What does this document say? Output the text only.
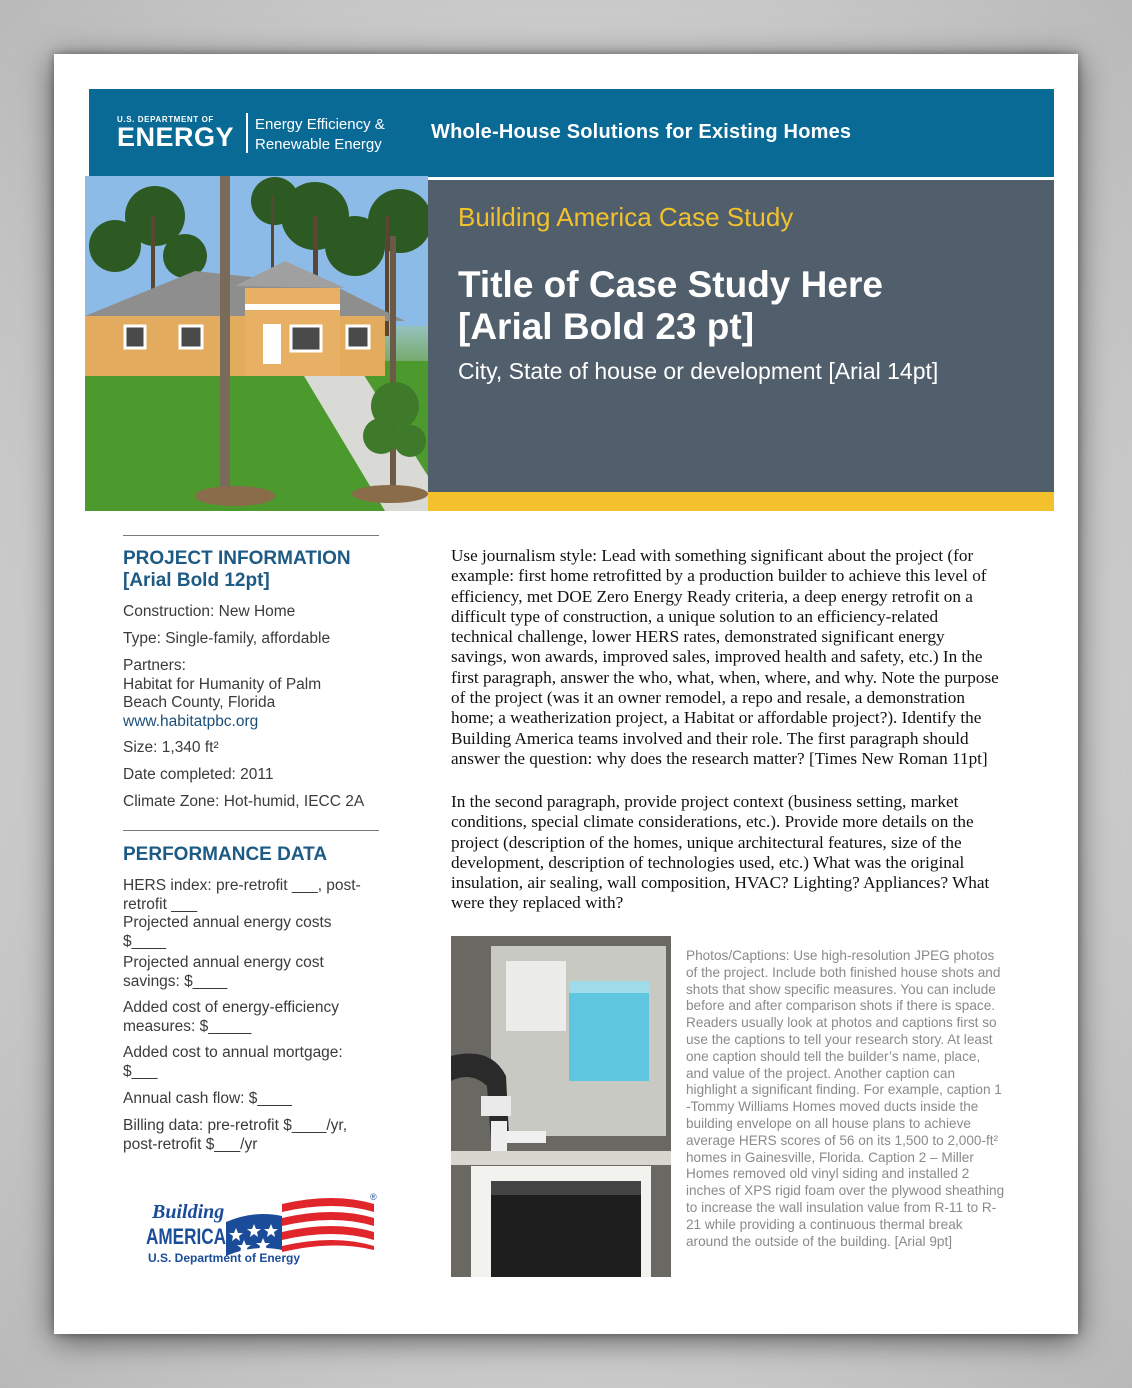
U.S. DEPARTMENT OF
ENERGY Energy Efficiency &
Renewable Energy
Whole-House Solutions for Existing Homes
Building America Case Study
Title of Case Study Here
[Arial Bold 23 pt]
City, State of house or development [Arial 14pt]
PROJECT INFORMATION
[Arial Bold 12pt]
Construction: New Home
Type: Single-family, affordable
Partners:
Habitat for Humanity of Palm
Beach County, Florida
www.habitatpbc.org
Size: 1,340 ft²
Date completed: 2011
Climate Zone: Hot-humid, IECC 2A
PERFORMANCE DATA
HERS index: pre-retrofit ___, post-
retrofit ___
Projected annual energy costs
$____
Projected annual energy cost
savings: $____
Added cost of energy-efficiency
measures: $_____
Added cost to annual mortgage:
$___
Annual cash flow: $____
Billing data: pre-retrofit $____/yr,
post-retrofit $___/yr
Use journalism style: Lead with something significant about the project (for
example: first home retrofitted by a production builder to achieve this level of
efficiency, met DOE Zero Energy Ready criteria, a deep energy retrofit on a
difficult type of construction, a unique solution to an efficiency-related
technical challenge, lower HERS rates, demonstrated significant energy
savings, won awards, improved sales, improved health and safety, etc.) In the
first paragraph, answer the who, what, when, where, and why. Note the purpose
of the project (was it an owner remodel, a repo and resale, a demonstration
home; a weatherization project, a Habitat or affordable project?). Identify the
Building America teams involved and their role. The first paragraph should
answer the question: why does the research matter? [Times New Roman 11pt]
In the second paragraph, provide project context (business setting, market
conditions, special climate considerations, etc.). Provide more details on the
project (description of the homes, unique architectural features, size of the
development, description of technologies used, etc.) What was the original
insulation, air sealing, wall composition, HVAC? Lighting? Appliances? What
were they replaced with?
Photos/Captions: Use high-resolution JPEG photos
of the project. Include both finished house shots and
shots that show specific measures. You can include
before and after comparison shots if there is space.
Readers usually look at photos and captions first so
use the captions to tell your research story. At least
one caption should tell the builder’s name, place,
and value of the project. Another caption can
highlight a significant finding. For example, caption 1
-Tommy Williams Homes moved ducts inside the
building envelope on all house plans to achieve
average HERS scores of 56 on its 1,500 to 2,000-ft²
homes in Gainesville, Florida. Caption 2 – Miller
Homes removed old vinyl siding and installed 2
inches of XPS rigid foam over the plywood sheathing
to increase the wall insulation value from R-11 to R-
21 while providing a continuous thermal break
around the outside of the building. [Arial 9pt]
Building
AMERICA
®
U.S. Department of Energy
